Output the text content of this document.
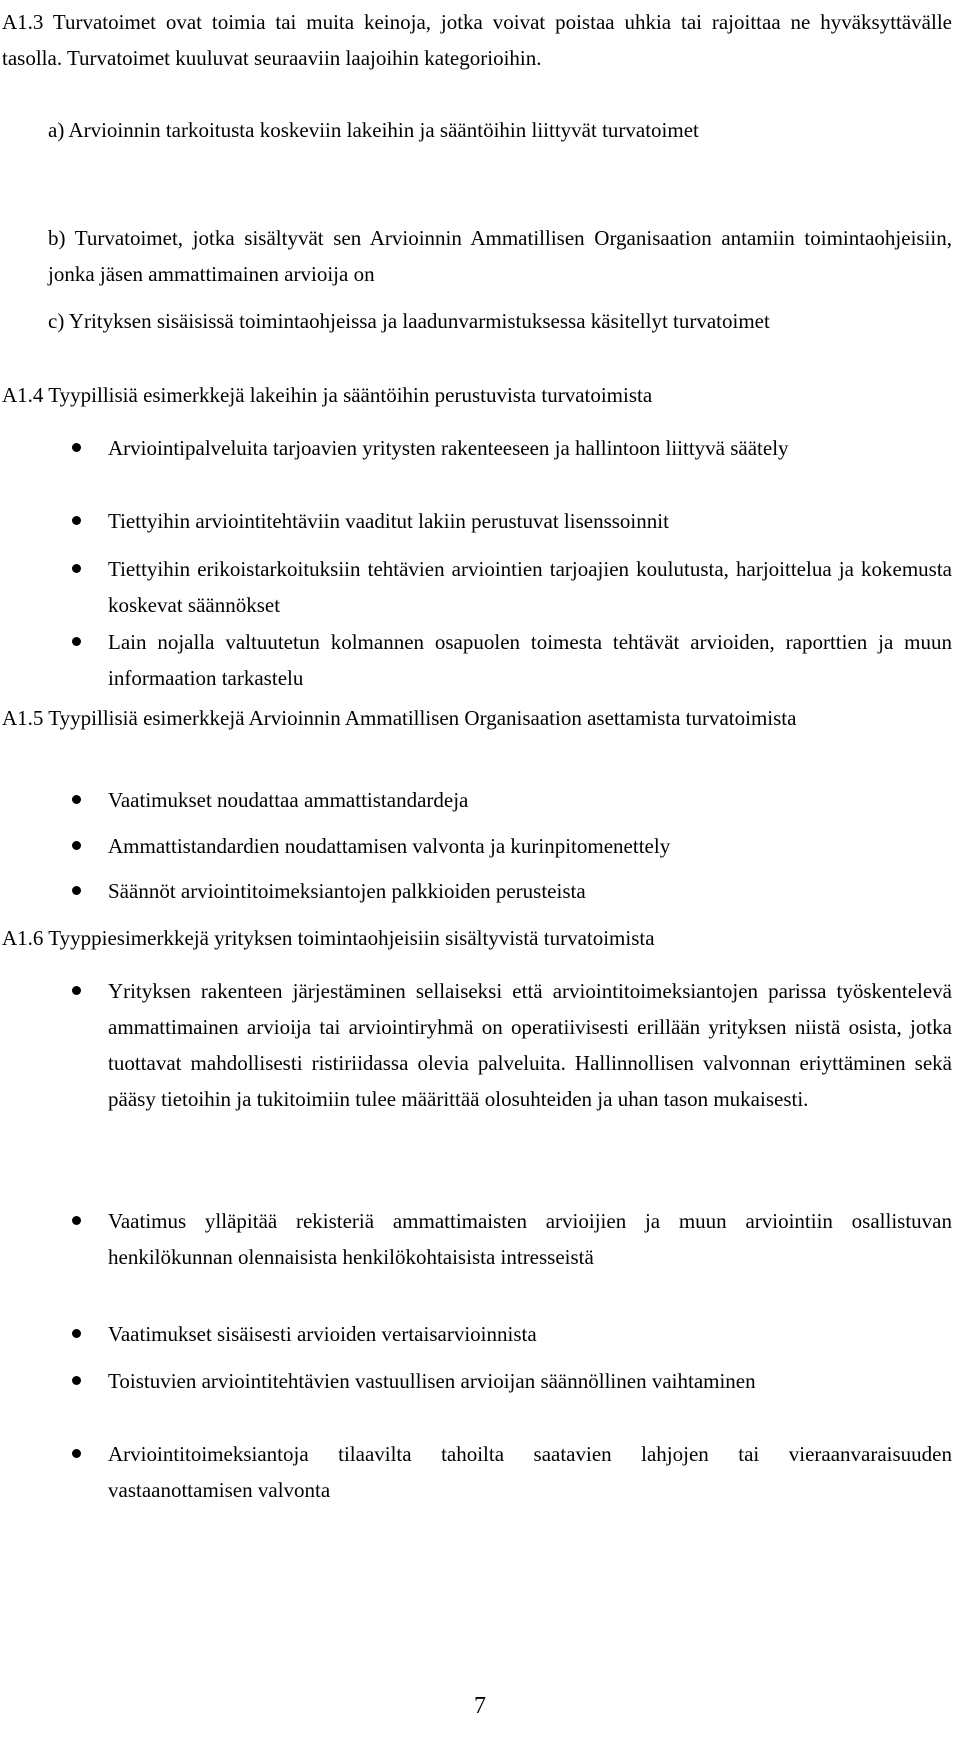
A1.3 Turvatoimet ovat toimia tai muita keinoja, jotka voivat poistaa uhkia tai rajoittaa ne hyväksyttävälle tasolla. Turvatoimet kuuluvat seuraaviin laajoihin kategorioihin.
a) Arvioinnin tarkoitusta koskeviin lakeihin ja sääntöihin liittyvät turvatoimet
b) Turvatoimet, jotka sisältyvät sen Arvioinnin Ammatillisen Organisaation antamiin toimintaohjeisiin, jonka jäsen ammattimainen arvioija on
c) Yrityksen sisäisissä toimintaohjeissa ja laadunvarmistuksessa käsitellyt turvatoimet
A1.4 Tyypillisiä esimerkkejä lakeihin ja sääntöihin perustuvista turvatoimista
Arviointipalveluita tarjoavien yritysten rakenteeseen ja hallintoon liittyvä säätely
Tiettyihin arviointitehtäviin vaaditut lakiin perustuvat lisenssoinnit
Tiettyihin erikoistarkoituksiin tehtävien arviointien tarjoajien koulutusta, harjoittelua ja kokemusta koskevat säännökset
Lain nojalla valtuutetun kolmannen osapuolen toimesta tehtävät arvioiden, raporttien ja muun informaation tarkastelu
A1.5 Tyypillisiä esimerkkejä Arvioinnin Ammatillisen Organisaation asettamista turvatoimista
Vaatimukset noudattaa ammattistandardeja
Ammattistandardien noudattamisen valvonta ja kurinpitomenettely
Säännöt arviointitoimeksiantojen palkkioiden perusteista
A1.6 Tyyppiesimerkkejä yrityksen toimintaohjeisiin sisältyvistä turvatoimista
Yrityksen rakenteen järjestäminen sellaiseksi että arviointitoimeksiantojen parissa työskentelevä ammattimainen arvioija tai arviointiryhmä on operatiivisesti erillään yrityksen niistä osista, jotka tuottavat mahdollisesti ristiriidassa olevia palveluita. Hallinnollisen valvonnan eriyttäminen sekä pääsy tietoihin ja tukitoimiin tulee määrittää olosuhteiden ja uhan tason mukaisesti.
Vaatimus ylläpitää rekisteriä ammattimaisten arvioijien ja muun arviointiin osallistuvan henkilökunnan olennaisista henkilökohtaisista intresseistä
Vaatimukset sisäisesti arvioiden vertaisarvioinnista
Toistuvien arviointitehtävien vastuullisen arvioijan säännöllinen vaihtaminen
Arviointitoimeksiantoja tilaavilta tahoilta saatavien lahjojen tai vieraanvaraisuuden vastaanottamisen valvonta
7
